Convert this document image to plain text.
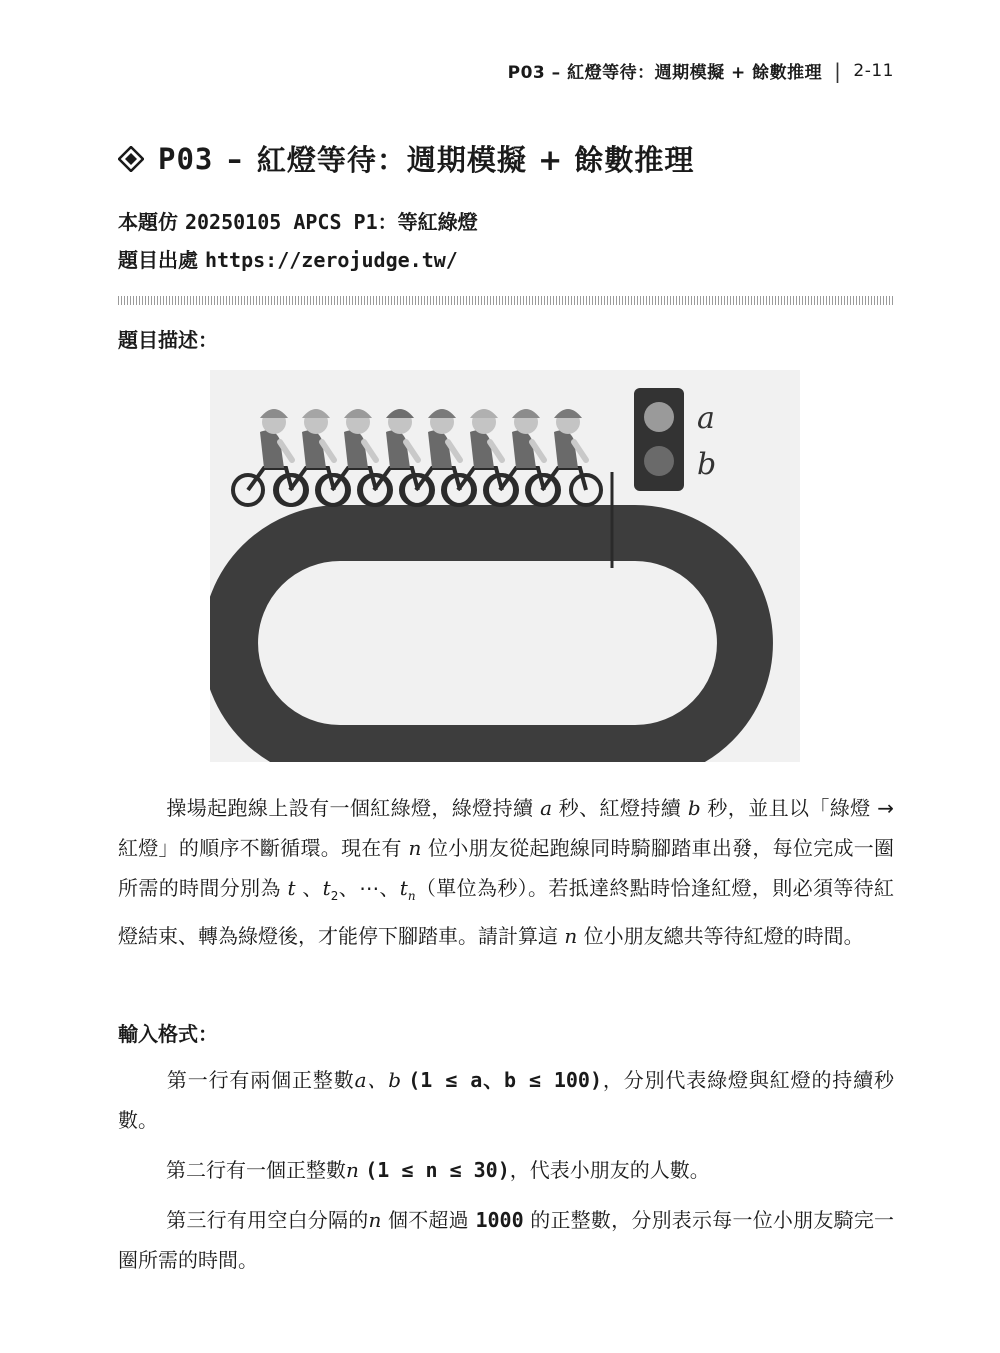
P03 – 紅燈等待：週期模擬 + 餘數推理 | 2-11
P03 – 紅燈等待：週期模擬 + 餘數推理
本題仿 20250105 APCS P1：等紅綠燈
題目出處 https://zerojudge.tw/
題目描述：
a
b
操場起跑線上設有一個紅綠燈，綠燈持續 a 秒、紅燈持續 b 秒，並且以「綠燈 → 紅燈」的順序不斷循環。現在有 n 位小朋友從起跑線同時騎腳踏車出發，每位完成一圈所需的時間分別為 t 、$t_2$、⋯、$t_n$（單位為秒）。若抵達終點時恰逢紅燈，則必須等待紅燈結束、轉為綠燈後，才能停下腳踏車。請計算這 n 位小朋友總共等待紅燈的時間。
輸入格式：
第一行有兩個正整數a、b (1 ≤ a、b ≤ 100)，分別代表綠燈與紅燈的持續秒數。
第二行有一個正整數n (1 ≤ n ≤ 30)，代表小朋友的人數。
第三行有用空白分隔的n 個不超過 1000 的正整數，分別表示每一位小朋友騎完一圈所需的時間。
